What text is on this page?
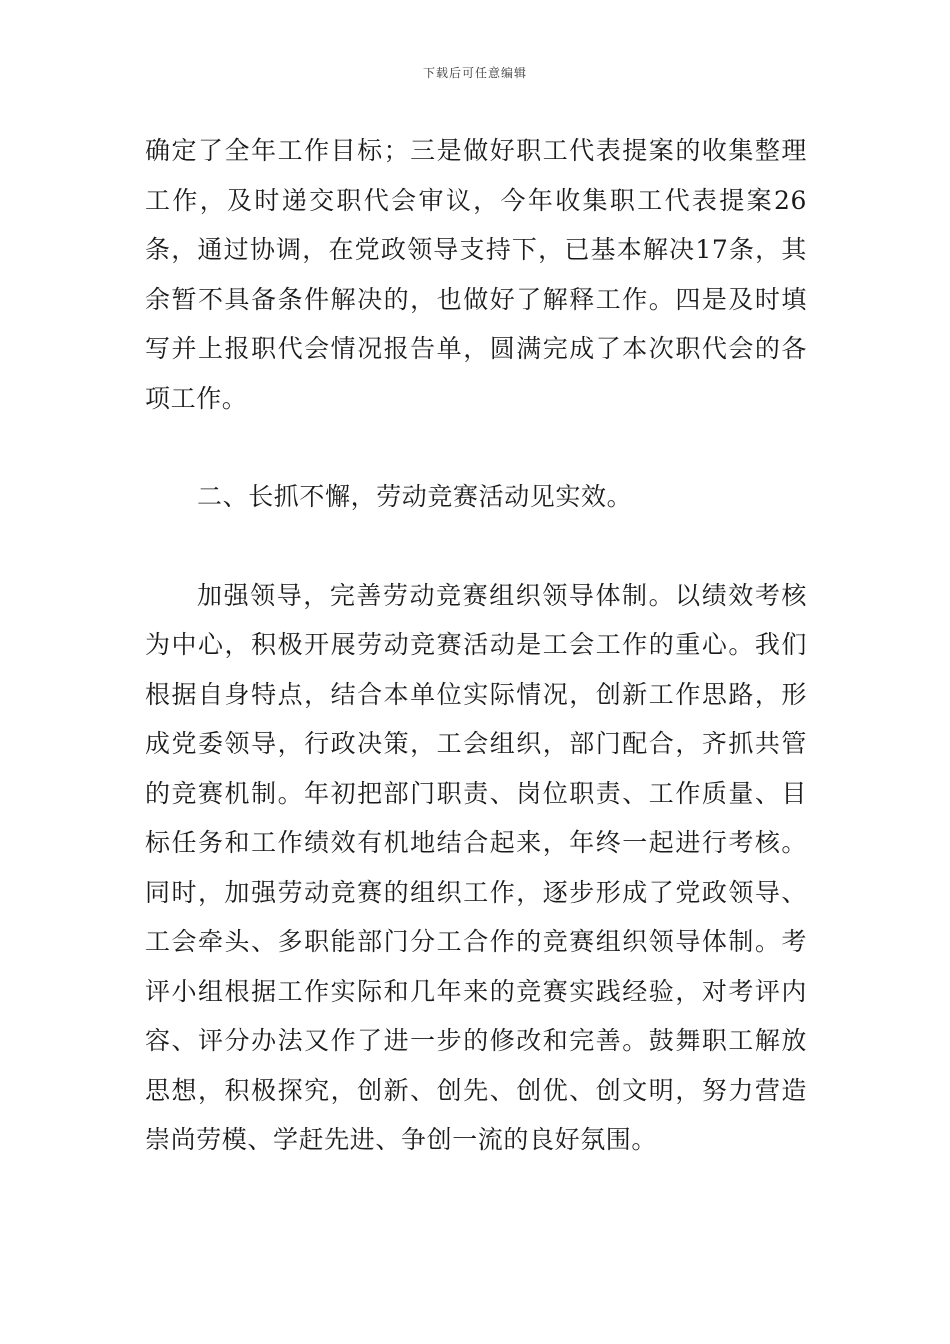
下载后可任意编辑

确定了全年工作目标；三是做好职工代表提案的收集整理工作，及时递交职代会审议，今年收集职工代表提案26条，通过协调，在党政领导支持下，已基本解决17条，其余暂不具备条件解决的，也做好了解释工作。四是及时填写并上报职代会情况报告单，圆满完成了本次职代会的各项工作。

二、长抓不懈，劳动竞赛活动见实效。

加强领导，完善劳动竞赛组织领导体制。以绩效考核为中心，积极开展劳动竞赛活动是工会工作的重心。我们根据自身特点，结合本单位实际情况，创新工作思路，形成党委领导，行政决策，工会组织，部门配合，齐抓共管的竞赛机制。年初把部门职责、岗位职责、工作质量、目标任务和工作绩效有机地结合起来，年终一起进行考核。同时，加强劳动竞赛的组织工作，逐步形成了党政领导、工会牵头、多职能部门分工合作的竞赛组织领导体制。考评小组根据工作实际和几年来的竞赛实践经验，对考评内容、评分办法又作了进一步的修改和完善。鼓舞职工解放思想，积极探究，创新、创先、创优、创文明，努力营造崇尚劳模、学赶先进、争创一流的良好氛围。
